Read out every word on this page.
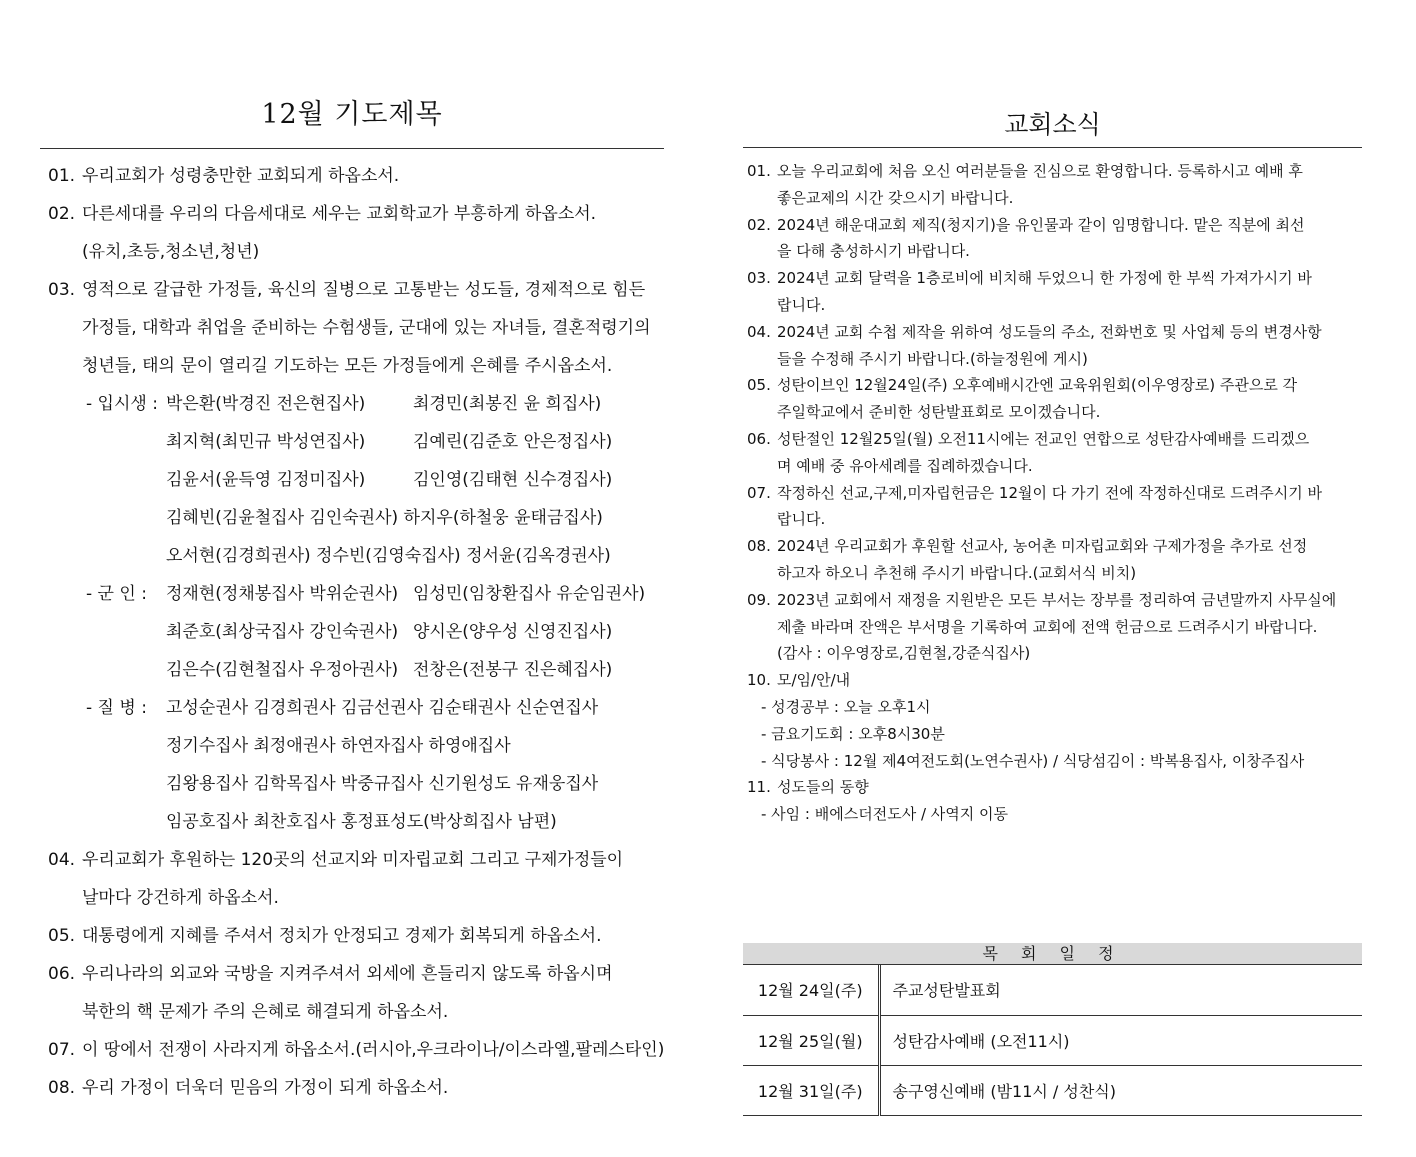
12월 기도제목
01. 우리교회가 성령충만한 교회되게 하옵소서.
02. 다른세대를 우리의 다음세대로 세우는 교회학교가 부흥하게 하옵소서.
(유치,초등,청소년,청년)
03. 영적으로 갈급한 가정들, 육신의 질병으로 고통받는 성도들, 경제적으로 힘든
가정들, 대학과 취업을 준비하는 수험생들, 군대에 있는 자녀들, 결혼적령기의
청년들, 태의 문이 열리길 기도하는 모든 가정들에게 은혜를 주시옵소서.
- 입시생 : 박은환(박경진 전은현집사)	최경민(최봉진 윤 희집사)
최지혁(최민규 박성연집사)	김예린(김준호 안은정집사)
김윤서(윤득영 김정미집사)	김인영(김태현 신수경집사)
김혜빈(김윤철집사 김인숙권사) 하지우(하철웅 윤태금집사)
오서현(김경희권사) 정수빈(김영숙집사) 정서윤(김옥경권사)
- 군 인 : 정재현(정채봉집사 박위순권사) 임성민(임창환집사 유순임권사)
최준호(최상국집사 강인숙권사) 양시온(양우성 신영진집사)
김은수(김현철집사 우정아권사) 전창은(전봉구 진은혜집사)
- 질 병 : 고성순권사 김경희권사 김금선권사 김순태권사 신순연집사
정기수집사 최정애권사 하연자집사 하영애집사
김왕용집사 김학목집사 박중규집사 신기원성도 유재웅집사
임공호집사 최찬호집사 홍정표성도(박상희집사 남편)
04. 우리교회가 후원하는 120곳의 선교지와 미자립교회 그리고 구제가정들이
날마다 강건하게 하옵소서.
05. 대통령에게 지혜를 주셔서 정치가 안정되고 경제가 회복되게 하옵소서.
06. 우리나라의 외교와 국방을 지켜주셔서 외세에 흔들리지 않도록 하옵시며
북한의 핵 문제가 주의 은혜로 해결되게 하옵소서.
07. 이 땅에서 전쟁이 사라지게 하옵소서.(러시아,우크라이나/이스라엘,팔레스타인)
08. 우리 가정이 더욱더 믿음의 가정이 되게 하옵소서.
교회소식
01. 오늘 우리교회에 처음 오신 여러분들을 진심으로 환영합니다. 등록하시고 예배 후
좋은교제의 시간 갖으시기 바랍니다.
02. 2024년 해운대교회 제직(청지기)을 유인물과 같이 임명합니다. 맡은 직분에 최선
을 다해 충성하시기 바랍니다.
03. 2024년 교회 달력을 1층로비에 비치해 두었으니 한 가정에 한 부씩 가져가시기 바
랍니다.
04. 2024년 교회 수첩 제작을 위하여 성도들의 주소, 전화번호 및 사업체 등의 변경사항
들을 수정해 주시기 바랍니다.(하늘정원에 게시)
05. 성탄이브인 12월24일(주) 오후예배시간엔 교육위원회(이우영장로) 주관으로 각
주일학교에서 준비한 성탄발표회로 모이겠습니다.
06. 성탄절인 12월25일(월) 오전11시에는 전교인 연합으로 성탄감사예배를 드리겠으
며 예배 중 유아세례를 집례하겠습니다.
07. 작정하신 선교,구제,미자립헌금은 12월이 다 가기 전에 작정하신대로 드려주시기 바
랍니다.
08. 2024년 우리교회가 후원할 선교사, 농어촌 미자립교회와 구제가정을 추가로 선정
하고자 하오니 추천해 주시기 바랍니다.(교회서식 비치)
09. 2023년 교회에서 재정을 지원받은 모든 부서는 장부를 정리하여 금년말까지 사무실에
제출 바라며 잔액은 부서명을 기록하여 교회에 전액 헌금으로 드려주시기 바랍니다.
(감사 : 이우영장로,김현철,강준식집사)
10. 모/임/안/내
- 성경공부 : 오늘 오후1시
- 금요기도회 : 오후8시30분
- 식당봉사 : 12월 제4여전도회(노연수권사) / 식당섬김이 : 박복용집사, 이창주집사
11. 성도들의 동향
- 사임 : 배에스더전도사 / 사역지 이동
목 회 일 정
12월 24일(주)	주교성탄발표회
12월 25일(월)	성탄감사예배 (오전11시)
12월 31일(주)	송구영신예배 (밤11시 / 성찬식)
